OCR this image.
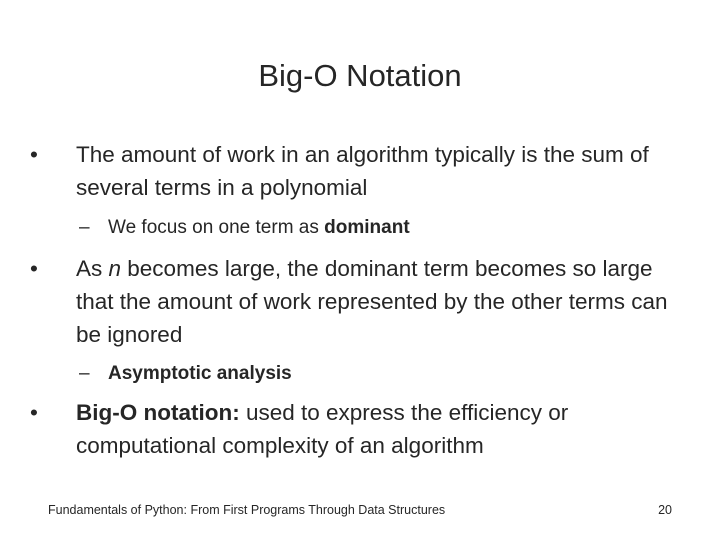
Big-O Notation
•	The amount of work in an algorithm typically is the sum of several terms in a polynomial
– We focus on one term as dominant
•	As n becomes large, the dominant term becomes so large that the amount of work represented by the other terms can be ignored
– Asymptotic analysis
•	Big-O notation: used to express the efficiency or computational complexity of an algorithm
Fundamentals of Python: From First Programs Through Data Structures	20
